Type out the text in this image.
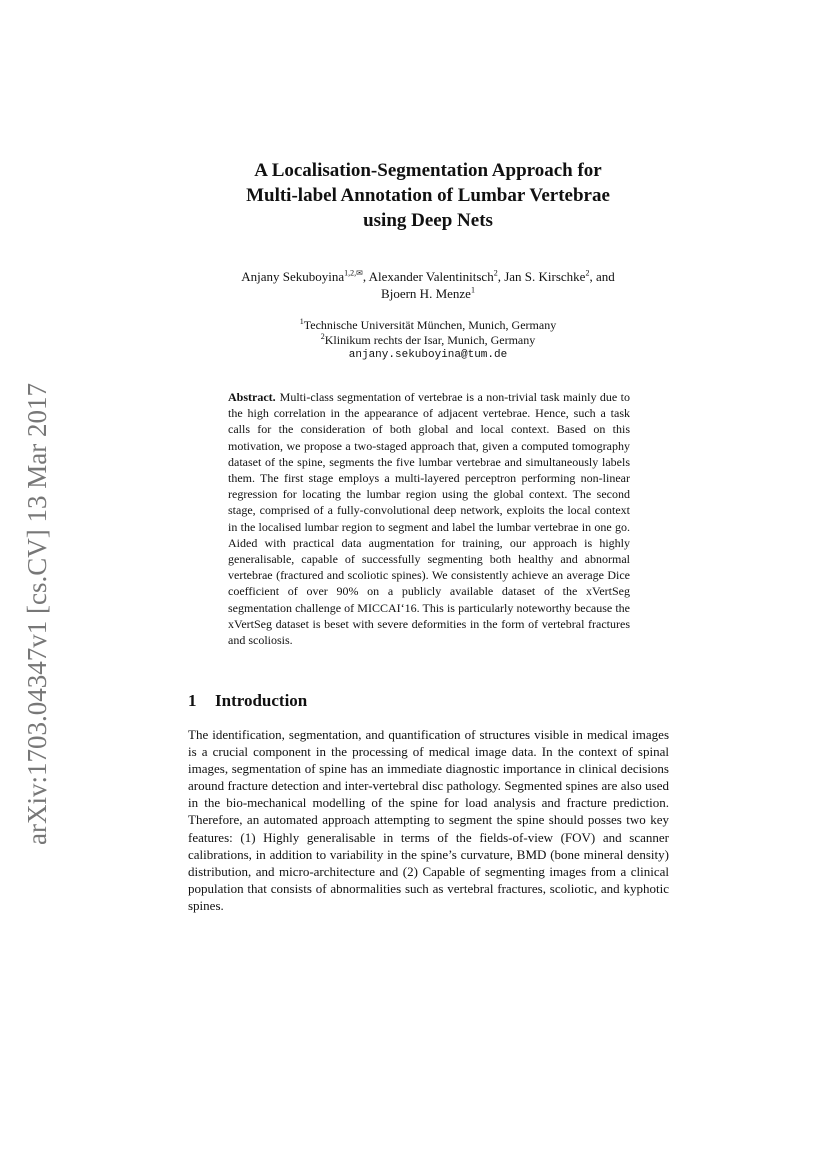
arXiv:1703.04347v1 [cs.CV] 13 Mar 2017
A Localisation-Segmentation Approach for
Multi-label Annotation of Lumbar Vertebrae
using Deep Nets
Anjany Sekuboyina$^{1,2,✉}$, Alexander Valentinitsch$^2$, Jan S. Kirschke$^2$, and
Bjoern H. Menze$^1$
$^1$Technische Universität München, Munich, Germany
$^2$Klinikum rechts der Isar, Munich, Germany
anjany.sekuboyina@tum.de
Abstract. Multi-class segmentation of vertebrae is a non-trivial task mainly due to the high correlation in the appearance of adjacent vertebrae. Hence, such a task calls for the consideration of both global and local context. Based on this motivation, we propose a two-staged approach that, given a computed tomography dataset of the spine, segments the five lumbar vertebrae and simultaneously labels them. The first stage employs a multi-layered perceptron performing non-linear regression for locating the lumbar region using the global context. The second stage, comprised of a fully-convolutional deep network, exploits the local context in the localised lumbar region to segment and label the lumbar vertebrae in one go. Aided with practical data augmentation for training, our approach is highly generalisable, capable of successfully segmenting both healthy and abnormal vertebrae (fractured and scoliotic spines). We consistently achieve an average Dice coefficient of over 90% on a publicly available dataset of the xVertSeg segmentation challenge of MICCAI‘16. This is particularly noteworthy because the xVertSeg dataset is beset with severe deformities in the form of vertebral fractures and scoliosis.
1 Introduction
The identification, segmentation, and quantification of structures visible in medical images is a crucial component in the processing of medical image data. In the context of spinal images, segmentation of spine has an immediate diagnostic importance in clinical decisions around fracture detection and inter-vertebral disc pathology. Segmented spines are also used in the bio-mechanical modelling of the spine for load analysis and fracture prediction. Therefore, an automated approach attempting to segment the spine should posses two key features: (1) Highly generalisable in terms of the fields-of-view (FOV) and scanner calibrations, in addition to variability in the spine’s curvature, BMD (bone mineral density) distribution, and micro-architecture and (2) Capable of segmenting images from a clinical population that consists of abnormalities such as vertebral fractures, scoliotic, and kyphotic spines.
